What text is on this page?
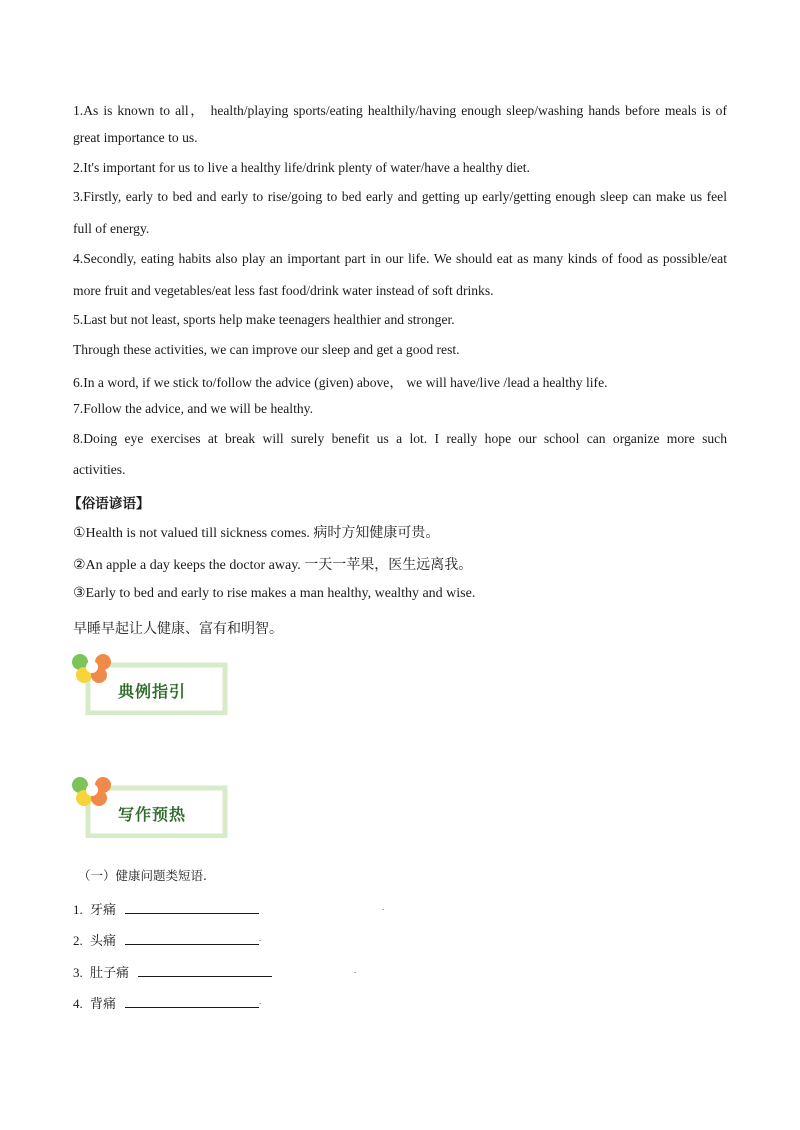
1.As is known to all， health/playing sports/eating healthily/having enough sleep/washing hands before meals is of
great importance to us.
2.It's important for us to live a healthy life/drink plenty of water/have a healthy diet.
3.Firstly, early to bed and early to rise/going to bed early and getting up early/getting enough sleep can make us feel
full of energy.
4.Secondly, eating habits also play an important part in our life. We should eat as many kinds of food as possible/eat
more fruit and vegetables/eat less fast food/drink water instead of soft drinks.
5.Last but not least, sports help make teenagers healthier and stronger.
Through these activities, we can improve our sleep and get a good rest.
6.In a word, if we stick to/follow the advice (given) above， we will have/live /lead a healthy life.
7.Follow the advice, and we will be healthy.
8.Doing eye exercises at break will surely benefit us a lot. I really hope our school can organize more such
activities.
【俗语谚语】
①Health is not valued till sickness comes. 病时方知健康可贵。
②An apple a day keeps the doctor away. 一天一苹果，医生远离我。
③Early to bed and early to rise makes a man healthy, wealthy and wise.
早睡早起让人健康、富有和明智。
典例指引
写作预热
（一）健康问题类短语.
1. 牙痛	.
2. 头痛	.
3. 肚子痛	.
4. 背痛	.
